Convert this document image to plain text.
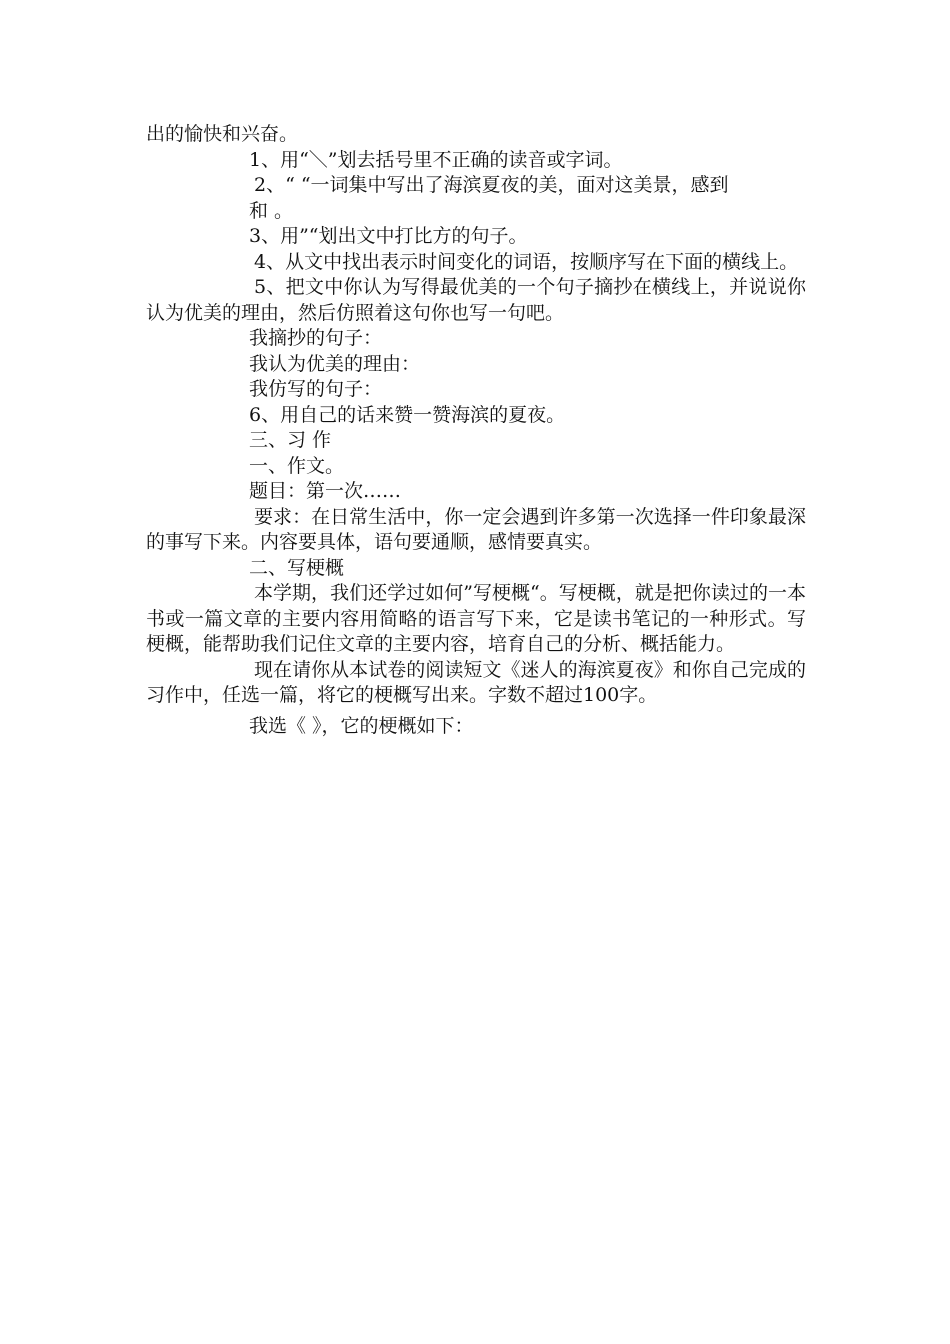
出的愉快和兴奋。
1、用“＼”划去括号里不正确的读音或字词。
2、“ “一词集中写出了海滨夏夜的美，面对这美景，感到
和 。
3、用”“划出文中打比方的句子。
4、从文中找出表示时间变化的词语，按顺序写在下面的横线上。
5、把文中你认为写得最优美的一个句子摘抄在横线上，并说说你认为优美的理由，然后仿照着这句你也写一句吧。
我摘抄的句子：
我认为优美的理由：
我仿写的句子：
6、用自己的话来赞一赞海滨的夏夜。
三、习 作
一、作文。
题目：第一次……
要求：在日常生活中，你一定会遇到许多第一次选择一件印象最深的事写下来。内容要具体，语句要通顺，感情要真实。
二、写梗概
本学期，我们还学过如何”写梗概“。写梗概，就是把你读过的一本书或一篇文章的主要内容用简略的语言写下来，它是读书笔记的一种形式。写梗概，能帮助我们记住文章的主要内容，培育自己的分析、概括能力。
现在请你从本试卷的阅读短文《迷人的海滨夏夜》和你自己完成的习作中，任选一篇，将它的梗概写出来。字数不超过100字。
我选《 》，它的梗概如下：
